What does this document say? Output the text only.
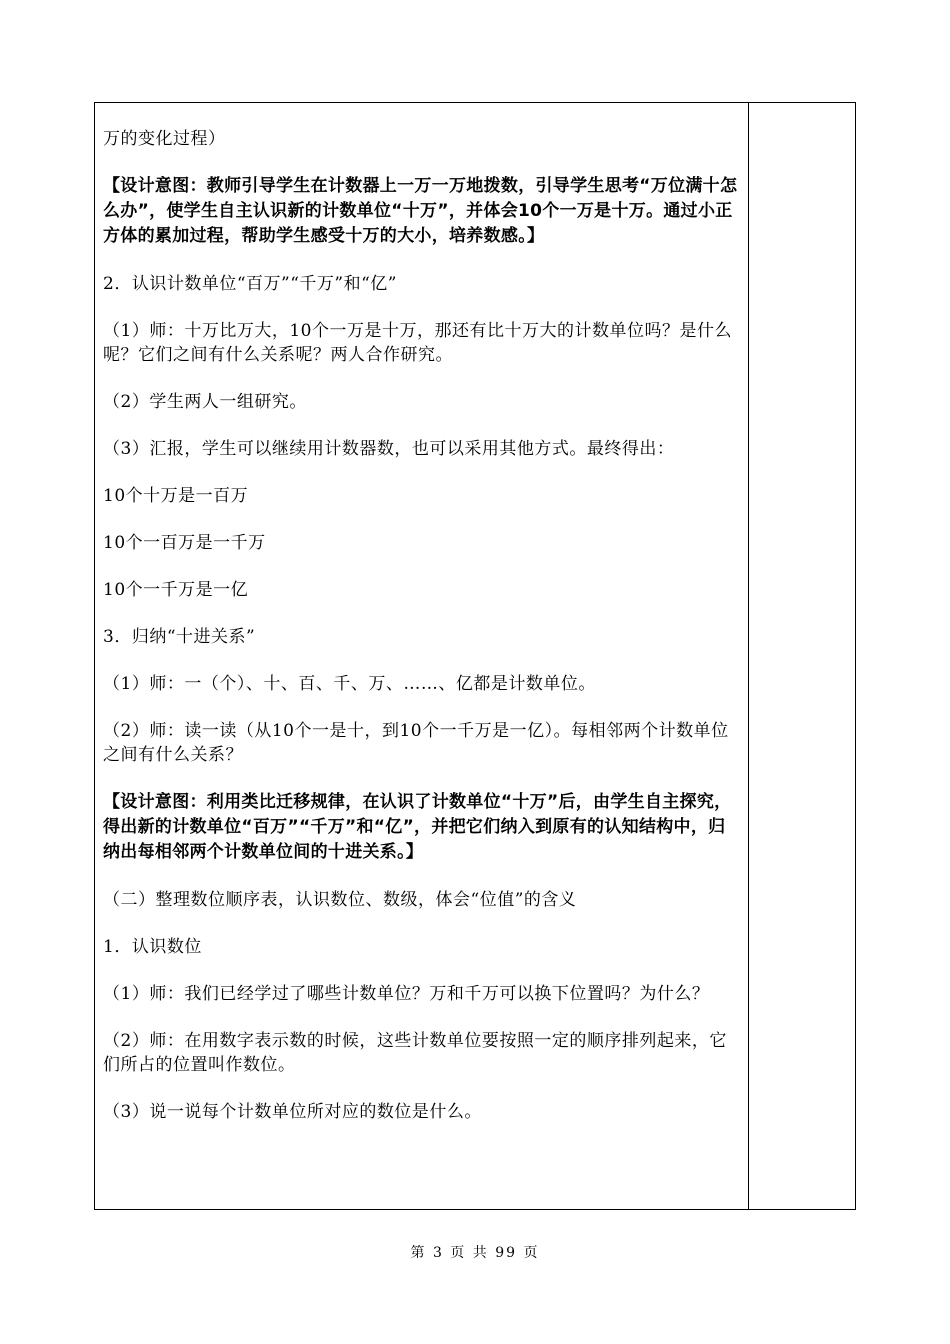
万的变化过程）

【设计意图：教师引导学生在计数器上一万一万地拨数，引导学生思考“万位满十怎么办”，使学生自主认识新的计数单位“十万”，并体会10个一万是十万。通过小正方体的累加过程，帮助学生感受十万的大小，培养数感。】

2．认识计数单位“百万”“千万”和“亿”

（1）师：十万比万大，10个一万是十万，那还有比十万大的计数单位吗？是什么呢？它们之间有什么关系呢？两人合作研究。

（2）学生两人一组研究。

（3）汇报，学生可以继续用计数器数，也可以采用其他方式。最终得出：

10个十万是一百万

10个一百万是一千万

10个一千万是一亿

3．归纳“十进关系”

（1）师：一（个）、十、百、千、万、……、亿都是计数单位。

（2）师：读一读（从10个一是十，到10个一千万是一亿）。每相邻两个计数单位之间有什么关系？

【设计意图：利用类比迁移规律，在认识了计数单位“十万”后，由学生自主探究，得出新的计数单位“百万”“千万”和“亿”，并把它们纳入到原有的认知结构中，归纳出每相邻两个计数单位间的十进关系。】

（二）整理数位顺序表，认识数位、数级，体会“位值”的含义

1．认识数位

（1）师：我们已经学过了哪些计数单位？万和千万可以换下位置吗？为什么？

（2）师：在用数字表示数的时候，这些计数单位要按照一定的顺序排列起来，它们所占的位置叫作数位。

（3）说一说每个计数单位所对应的数位是什么。

第 3 页 共 99 页
